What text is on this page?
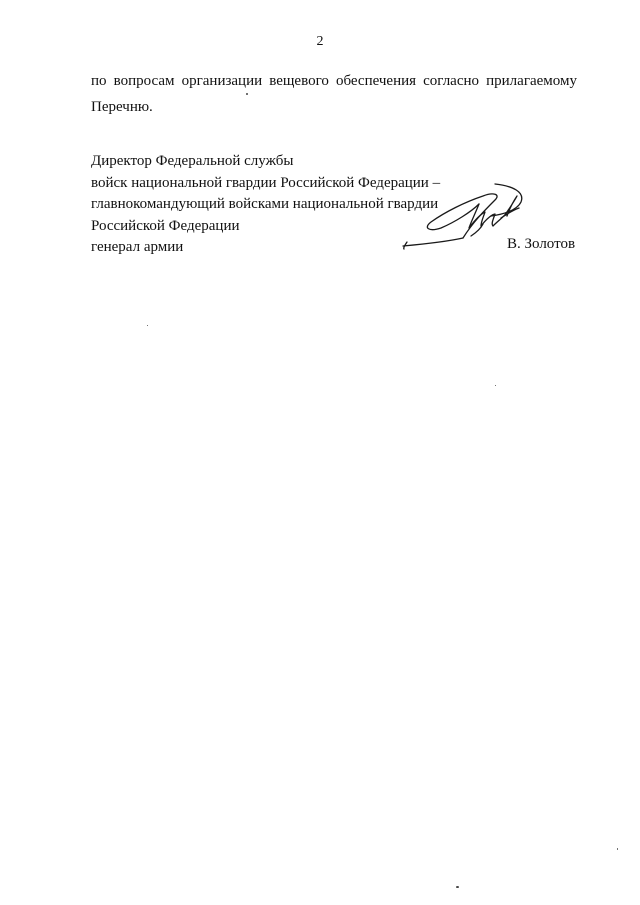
2

по вопросам организации вещевого обеспечения согласно прилагаемому
Перечню.

Директор Федеральной службы
войск национальной гвардии Российской Федерации –
главнокомандующий войсками национальной гвардии
Российской Федерации
генерал армии	В. Золотов
